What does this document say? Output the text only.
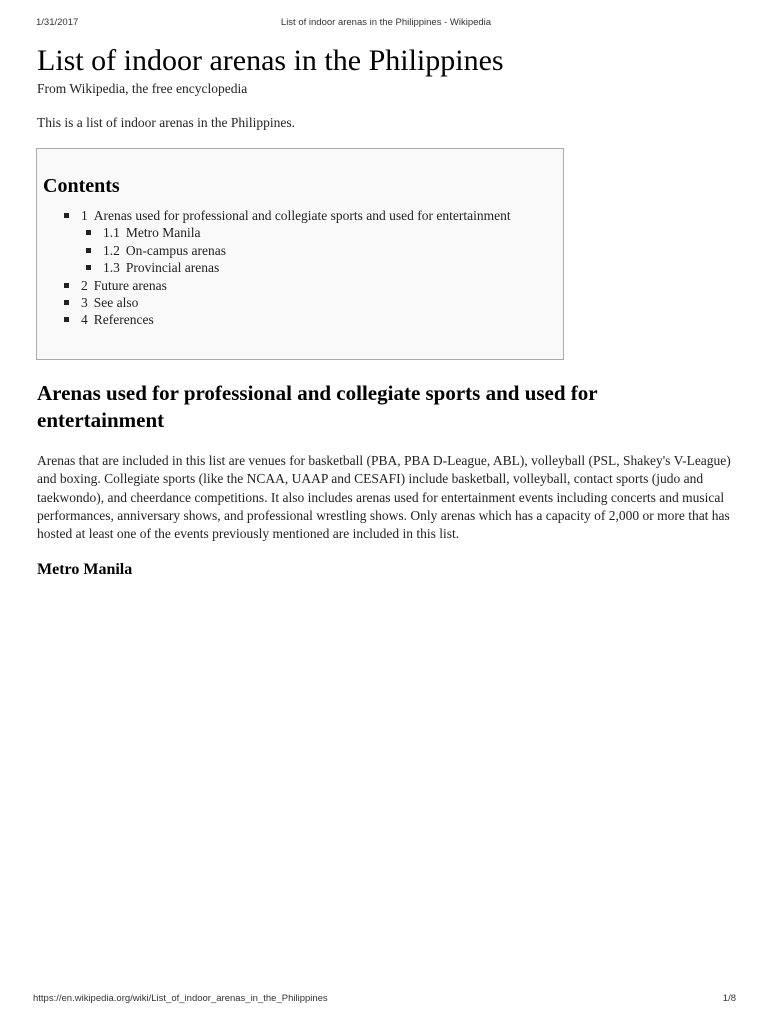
1/31/2017	List of indoor arenas in the Philippines - Wikipedia
List of indoor arenas in the Philippines

From Wikipedia, the free encyclopedia

This is a list of indoor arenas in the Philippines.

Contents
1 Arenas used for professional and collegiate sports and used for entertainment
1.1 Metro Manila
1.2 On-campus arenas
1.3 Provincial arenas
2 Future arenas
3 See also
4 References
Arenas used for professional and collegiate sports and used for entertainment

Arenas that are included in this list are venues for basketball (PBA, PBA D-League, ABL), volleyball (PSL, Shakey's V-League) and boxing. Collegiate sports (like the NCAA, UAAP and CESAFI) include basketball, volleyball, contact sports (judo and taekwondo), and cheerdance competitions. It also includes arenas used for entertainment events including concerts and musical performances, anniversary shows, and professional wrestling shows. Only arenas which has a capacity of 2,000 or more that has hosted at least one of the events previously mentioned are included in this list.

Metro Manila
https://en.wikipedia.org/wiki/List_of_indoor_arenas_in_the_Philippines	1/8
